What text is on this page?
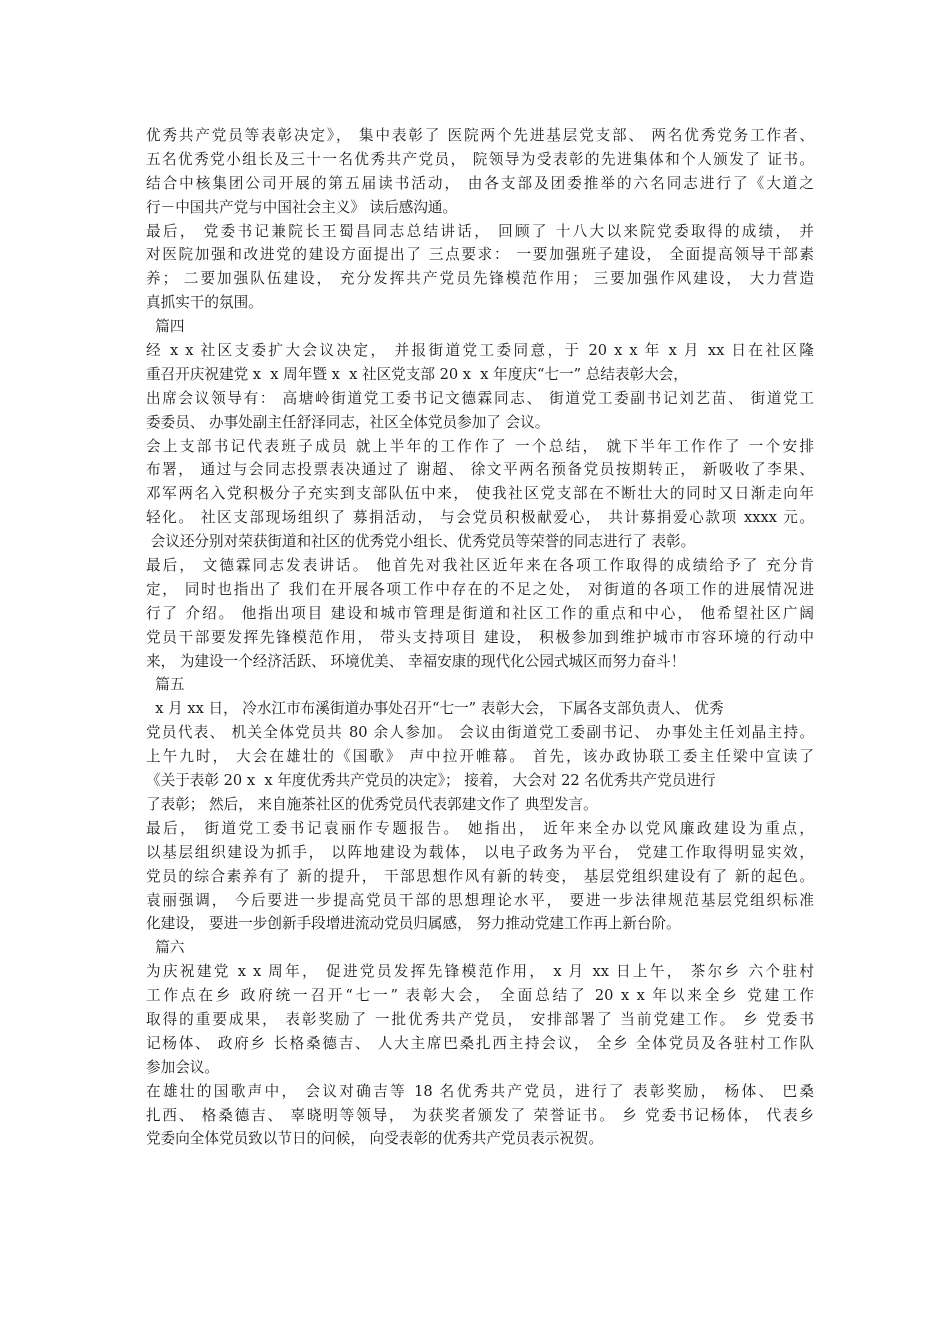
优秀共产党员等表彰决定》， 集中表彰了 医院两个先进基层党支部、 两名优秀党务工作者、
五名优秀党小组长及三十一名优秀共产党员， 院领导为受表彰的先进集体和个人颁发了 证书。
结合中核集团公司开展的第五届读书活动， 由各支部及团委推举的六名同志进行了《大道之
行－中国共产党与中国社会主义》 读后感沟通。
最后， 党委书记兼院长王蜀昌同志总结讲话， 回顾了 十八大以来院党委取得的成绩， 并
对医院加强和改进党的建设方面提出了 三点要求： 一要加强班子建设， 全面提高领导干部素
养； 二要加强队伍建设， 充分发挥共产党员先锋模范作用； 三要加强作风建设， 大力营造
真抓实干的氛围。
篇四
经 x x 社区支委扩大会议决定， 并报街道党工委同意，于 20 x x 年 x 月 xx 日在社区隆
重召开庆祝建党 x  x 周年暨 x  x 社区党支部 20 x  x 年度庆“七一” 总结表彰大会，
出席会议领导有： 高塘岭街道党工委书记文德霖同志、 街道党工委副书记刘艺苗、 街道党工
委委员、 办事处副主任舒泽同志，社区全体党员参加了 会议。
会上支部书记代表班子成员 就上半年的工作作了 一个总结， 就下半年工作作了 一个安排
布署， 通过与会同志投票表决通过了 谢超、 徐文平两名预备党员按期转正， 新吸收了李果、
邓军两名入党积极分子充实到支部队伍中来， 使我社区党支部在不断壮大的同时又日渐走向年
轻化。 社区支部现场组织了 募捐活动， 与会党员积极献爱心， 共计募捐爱心款项 xxxx 元。
会议还分别对荣获街道和社区的优秀党小组长、优秀党员等荣誉的同志进行了 表彰。
最后， 文德霖同志发表讲话。 他首先对我社区近年来在各项工作取得的成绩给予了 充分肯
定， 同时也指出了 我们在开展各项工作中存在的不足之处， 对街道的各项工作的进展情况进
行了 介绍。 他指出项目 建设和城市管理是街道和社区工作的重点和中心， 他希望社区广阔
党员干部要发挥先锋模范作用， 带头支持项目 建设， 积极参加到维护城市市容环境的行动中
来， 为建设一个经济活跃、 环境优美、 幸福安康的现代化公园式城区而努力奋斗！
篇五
x 月 xx 日， 冷水江市布溪街道办事处召开“七一” 表彰大会， 下属各支部负责人、 优秀
党员代表、 机关全体党员共 80 余人参加。 会议由街道党工委副书记、 办事处主任刘晶主持。
上午九时， 大会在雄壮的《国歌》 声中拉开帷幕。 首先，该办政协联工委主任梁中宣读了
《关于表彰 20 x  x 年度优秀共产党员的决定》； 接着， 大会对 22 名优秀共产党员进行
了表彰； 然后， 来自施茶社区的优秀党员代表郭建文作了 典型发言。
最后， 街道党工委书记袁丽作专题报告。 她指出， 近年来全办以党风廉政建设为重点，
以基层组织建设为抓手， 以阵地建设为载体， 以电子政务为平台， 党建工作取得明显实效，
党员的综合素养有了 新的提升， 干部思想作风有新的转变， 基层党组织建设有了 新的起色。
袁丽强调， 今后要进一步提高党员干部的思想理论水平， 要进一步法律规范基层党组织标准
化建设， 要进一步创新手段增进流动党员归属感， 努力推动党建工作再上新台阶。
篇六
为庆祝建党 x x 周年， 促进党员发挥先锋模范作用， x 月 xx 日上午， 茶尔乡 六个驻村
工作点在乡 政府统一召开“七一” 表彰大会， 全面总结了 20 x x 年以来全乡 党建工作
取得的重要成果， 表彰奖励了 一批优秀共产党员， 安排部署了 当前党建工作。 乡 党委书
记杨体、 政府乡 长格桑德吉、 人大主席巴桑扎西主持会议， 全乡 全体党员及各驻村工作队
参加会议。
在雄壮的国歌声中， 会议对确吉等 18 名优秀共产党员，进行了 表彰奖励， 杨体、 巴桑
扎西、 格桑德吉、 辜晓明等领导， 为获奖者颁发了 荣誉证书。 乡 党委书记杨体， 代表乡
党委向全体党员致以节日的问候， 向受表彰的优秀共产党员表示祝贺。
